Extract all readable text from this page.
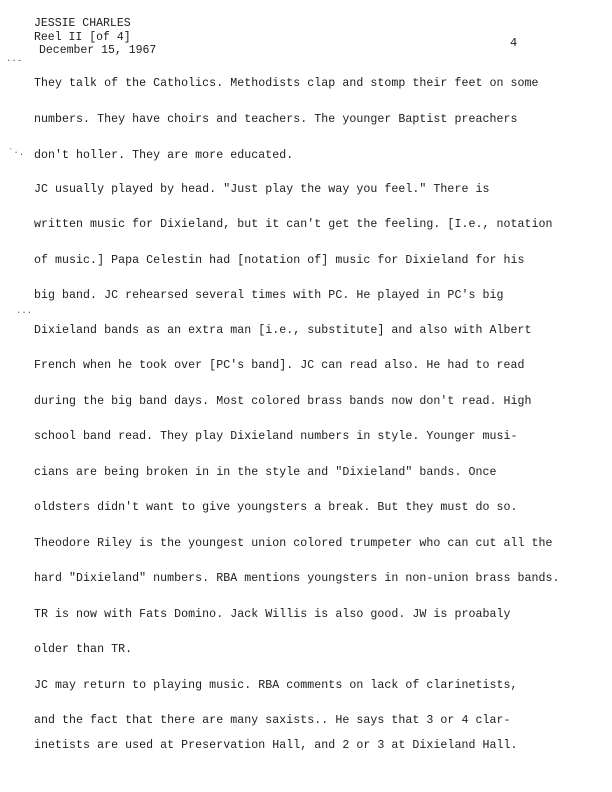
JESSIE CHARLES
Reel II [of 4]
December 15, 1967
4
··-
`·.
···
They talk of the Catholics. Methodists clap and stomp their feet on some
numbers. They have choirs and teachers. The younger Baptist preachers
don't holler. They are more educated.
JC usually played by head. "Just play the way you feel." There is
written music for Dixieland, but it can't get the feeling. [I.e., notation
of music.] Papa Celestin had [notation of] music for Dixieland for his
big band. JC rehearsed several times with PC. He played in PC's big
Dixieland bands as an extra man [i.e., substitute] and also with Albert
French when he took over [PC's band]. JC can read also. He had to read
during the big band days. Most colored brass bands now don't read. High
school band read. They play Dixieland numbers in style. Younger musi-
cians are being broken in in the style and "Dixieland" bands. Once
oldsters didn't want to give youngsters a break. But they must do so.
Theodore Riley is the youngest union colored trumpeter who can cut all the
hard "Dixieland" numbers. RBA mentions youngsters in non-union brass bands.
TR is now with Fats Domino. Jack Willis is also good. JW is proabaly
older than TR.
JC may return to playing music. RBA comments on lack of clarinetists,
and the fact that there are many saxists.. He says that 3 or 4 clar-
inetists are used at Preservation Hall, and 2 or 3 at Dixieland Hall.
